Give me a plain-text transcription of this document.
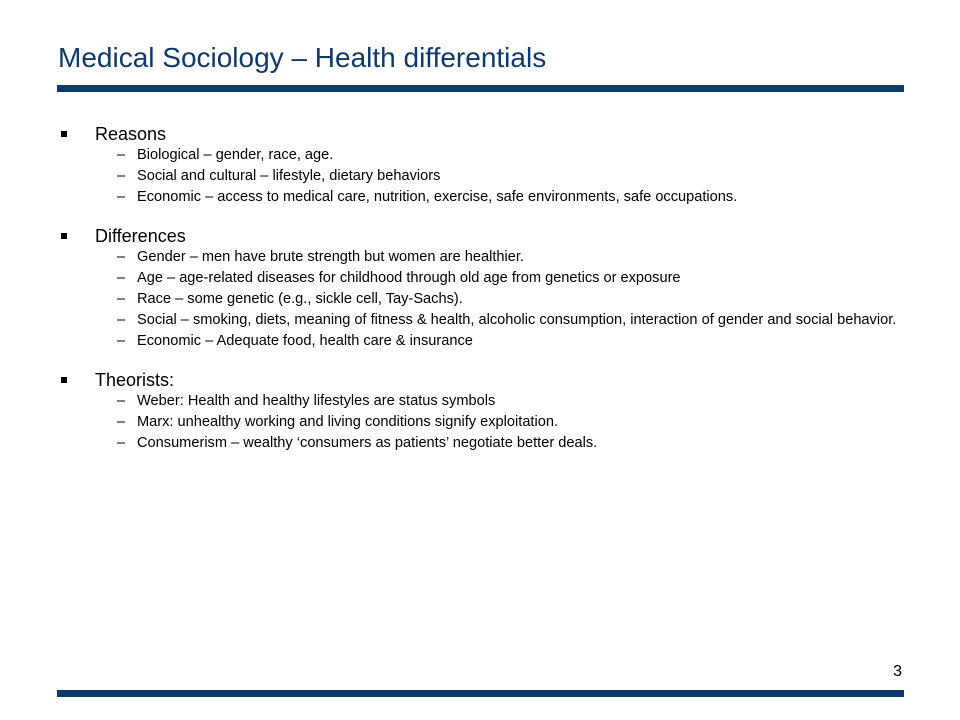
Medical Sociology – Health differentials
Reasons
– Biological – gender, race, age.
– Social and cultural – lifestyle, dietary behaviors
– Economic – access to medical care, nutrition, exercise, safe environments, safe occupations.
Differences
– Gender – men have brute strength but women are healthier.
– Age – age-related diseases for childhood through old age from genetics or exposure
– Race – some genetic (e.g., sickle cell, Tay-Sachs).
– Social – smoking, diets, meaning of fitness & health, alcoholic consumption, interaction of gender and social behavior.
– Economic – Adequate food, health care & insurance
Theorists:
– Weber: Health and healthy lifestyles are status symbols
– Marx: unhealthy working and living conditions signify exploitation.
– Consumerism – wealthy ‘consumers as patients’ negotiate better deals.
3
